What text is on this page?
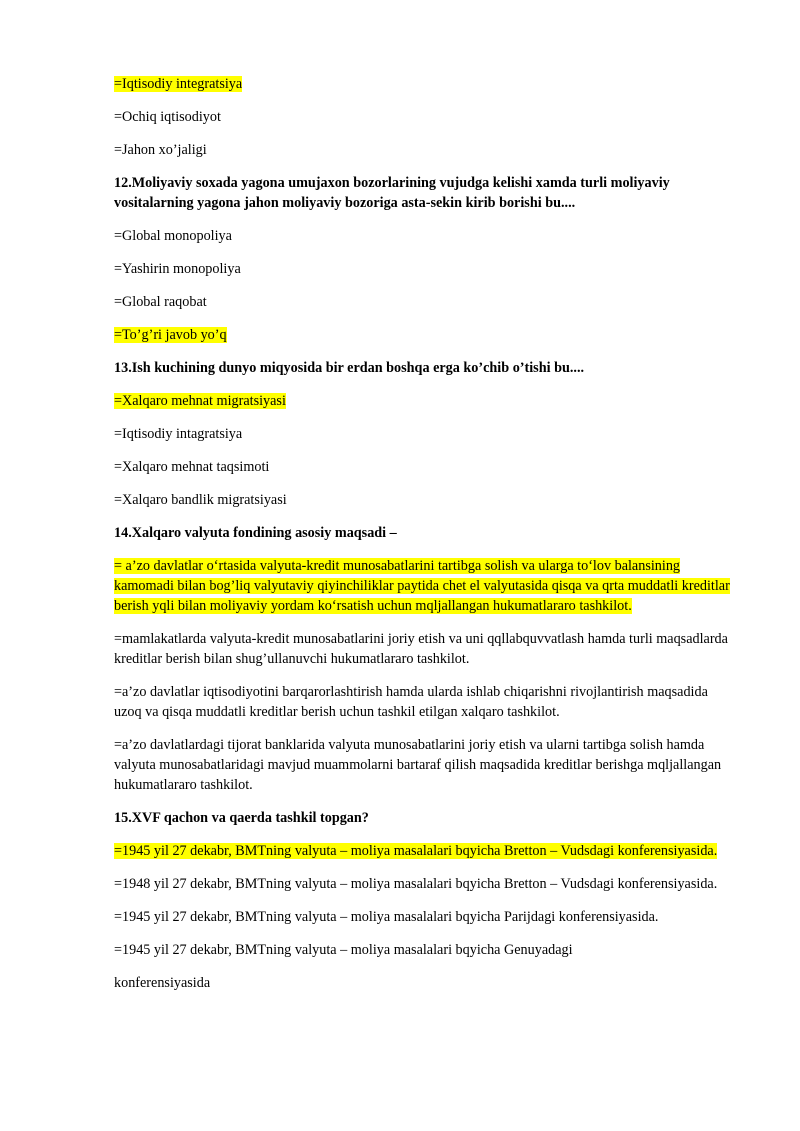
=Iqtisodiy integratsiya

=Ochiq iqtisodiyot

=Jahon xo’jaligi

12.Moliyaviy soxada yagona umujaxon bozorlarining vujudga kelishi xamda turli moliyaviy vositalarning yagona jahon moliyaviy bozoriga asta-sekin kirib borishi bu....

=Global monopoliya

=Yashirin monopoliya

=Global raqobat

=To’g’ri javob yo’q

13.Ish kuchining dunyo miqyosida bir erdan boshqa erga ko’chib o’tishi bu....

=Xalqaro mehnat migratsiyasi

=Iqtisodiy intagratsiya

=Xalqaro mehnat taqsimoti

=Xalqaro bandlik migratsiyasi

14.Xalqaro valyuta fondining asosiy maqsadi –

= a’zo davlatlar o‘rtasida valyuta-kredit munosabatlarini tartibga solish va ularga to‘lov balansining kamomadi bilan bog’liq valyutaviy qiyinchiliklar paytida chet el valyutasida qisqa va qrta muddatli kreditlar berish yqli bilan moliyaviy yordam ko‘rsatish uchun mqljallangan hukumatlararo tashkilot.

=mamlakatlarda valyuta-kredit munosabatlarini joriy etish va uni qqllabquvvatlash hamda turli maqsadlarda kreditlar berish bilan shug’ullanuvchi hukumatlararo tashkilot.

=a’zo davlatlar iqtisodiyotini barqarorlashtirish hamda ularda ishlab chiqarishni rivojlantirish maqsadida uzoq va qisqa muddatli kreditlar berish uchun tashkil etilgan xalqaro tashkilot.

=a’zo davlatlardagi tijorat banklarida valyuta munosabatlarini joriy etish va ularni tartibga solish hamda valyuta munosabatlaridagi mavjud muammolarni bartaraf qilish maqsadida kreditlar berishga mqljallangan hukumatlararo tashkilot.

15.XVF qachon va qaerda tashkil topgan?

=1945 yil 27 dekabr, BMTning valyuta – moliya masalalari bqyicha Bretton – Vudsdagi konferensiyasida.

=1948 yil 27 dekabr, BMTning valyuta – moliya masalalari bqyicha Bretton – Vudsdagi konferensiyasida.

=1945 yil 27 dekabr, BMTning valyuta – moliya masalalari bqyicha Parijdagi konferensiyasida.

=1945 yil 27 dekabr, BMTning valyuta – moliya masalalari bqyicha Genuyadagi

konferensiyasida
